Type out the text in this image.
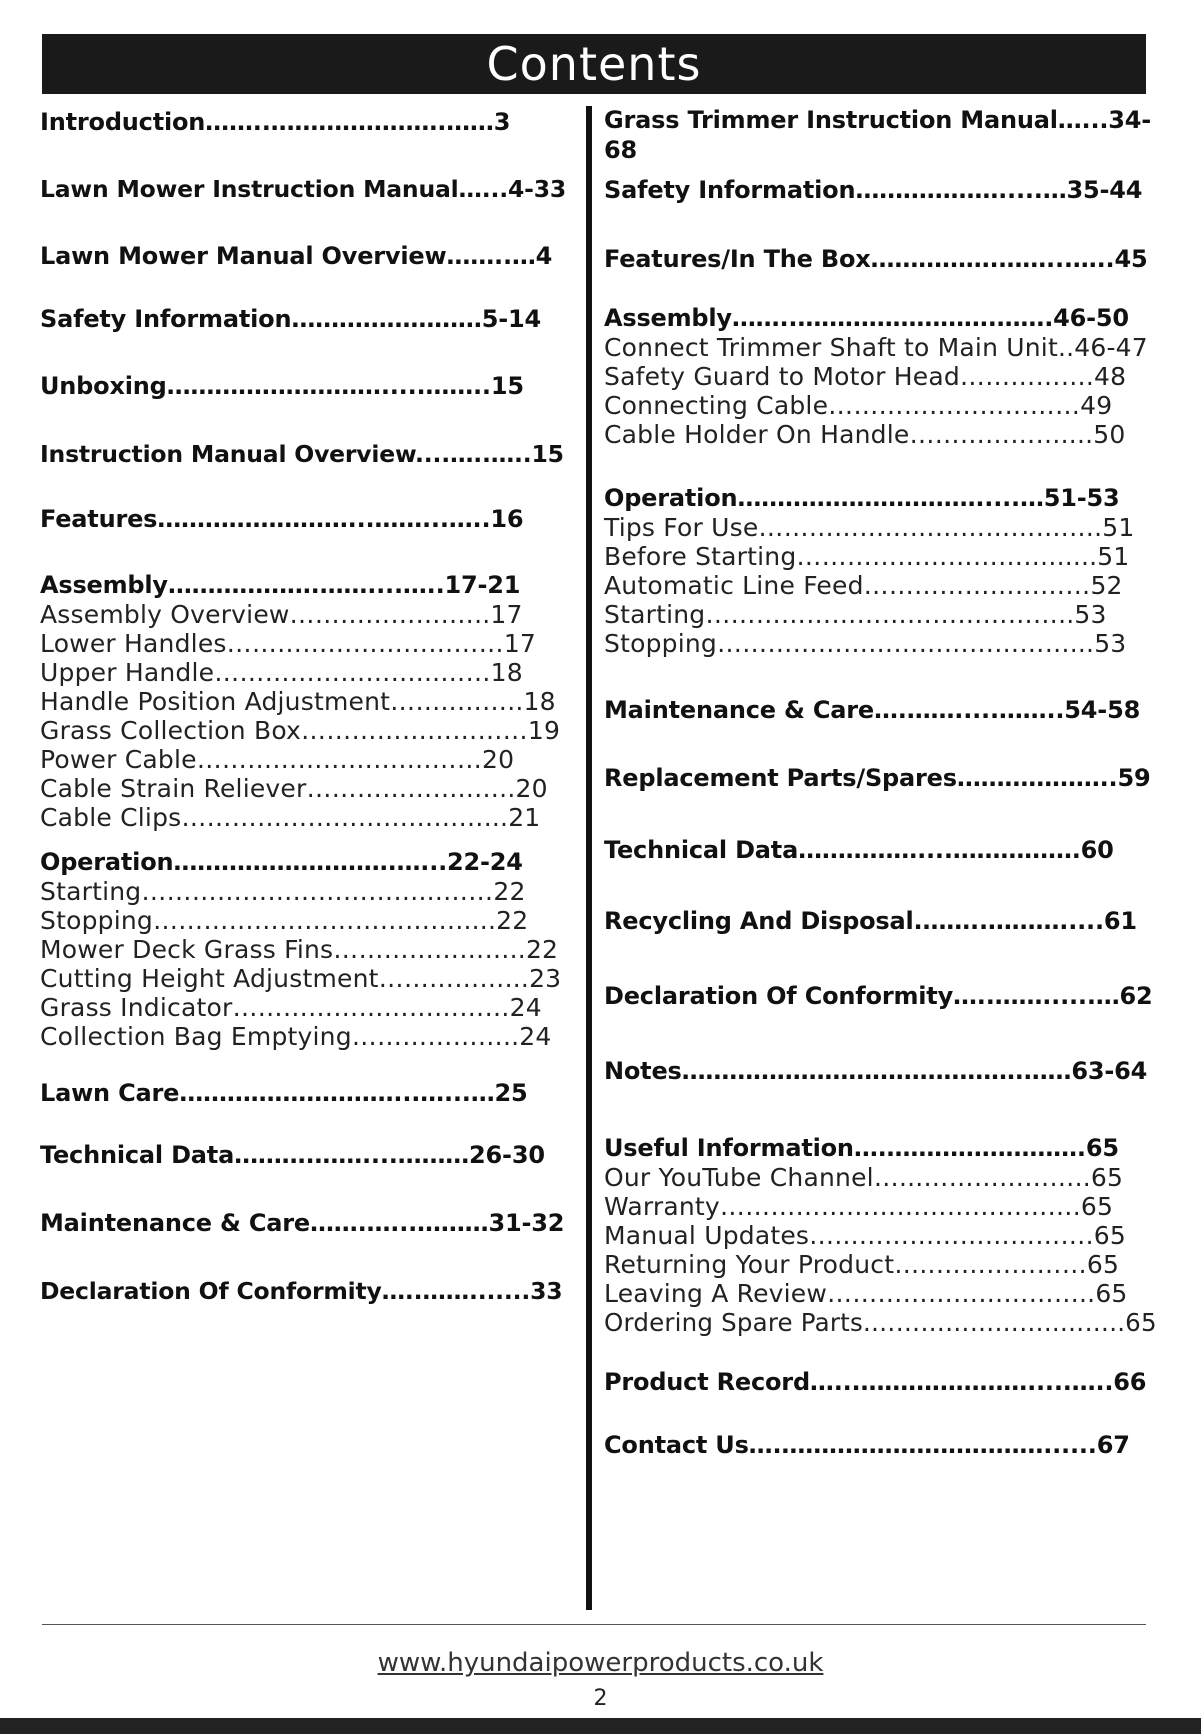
Contents
Introduction……..………………….……3
Lawn Mower Instruction Manual…...4-33
Lawn Mower Manual Overview……..…4
Safety Information……………………5-14
Unboxing……………………….....……..15
Instruction Manual Overview....…..…..15
Features……………………...……...…..16
Assembly……………….……....…..17-21
Assembly Overview……………….…..17
Lower Handles……………………………17
Upper Handle……………………...……18
Handle Position Adjustment……..……..18
Grass Collection Box………………………19
Power Cable……………………….……20
Cable Strain Reliever………………..…..20
Cable Clips………………………………...21
Operation……………………….…...22-24
Starting……………………………...……22
Stopping……………………………….....22
Mower Deck Grass Fins…………………..22
Cutting Height Adjustment……………...23
Grass Indicator……………………………24
Collection Bag Emptying………………..24
Lawn Care………………………...…...…25
Technical Data……….……....………26-30
Maintenance & Care…….…...………31-32
Declaration Of Conformity…..…….......33
Grass Trimmer Instruction Manual…...34-
68
Safety Information……………….....…35-44
Features/In The Box…………….……...…..45
Assembly……..…………………….…….46-50
Connect Trimmer Shaft to Main Unit..46-47
Safety Guard to Motor Head…………….48
Connecting Cable…………………………49
Cable Holder On Handle………………....50
Operation………………………….....…51-53
Tips For Use……………………………….….51
Before Starting…………………………......51
Automatic Line Feed………………………52
Starting……………………………………..53
Stopping……………………………………...53
Maintenance & Care….…….....……..54-58
Replacement Parts/Spares………………..59
Technical Data……………....…………….60
Recycling And Disposal.……..……….....61
Declaration Of Conformity…..……......…62
Notes…………………………………….……63-64
Useful Information….…………………….65
Our YouTube Channel…...………………..65
Warranty…………………………………….65
Manual Updates…...……………………….65
Returning Your Product…..………………65
Leaving A Review…………………………..65
Ordering Spare Parts.…………………..……..65
Product Record…...………………….....…..66
Contact Us….……………………………......67
www.hyundaipowerproducts.co.uk
2
